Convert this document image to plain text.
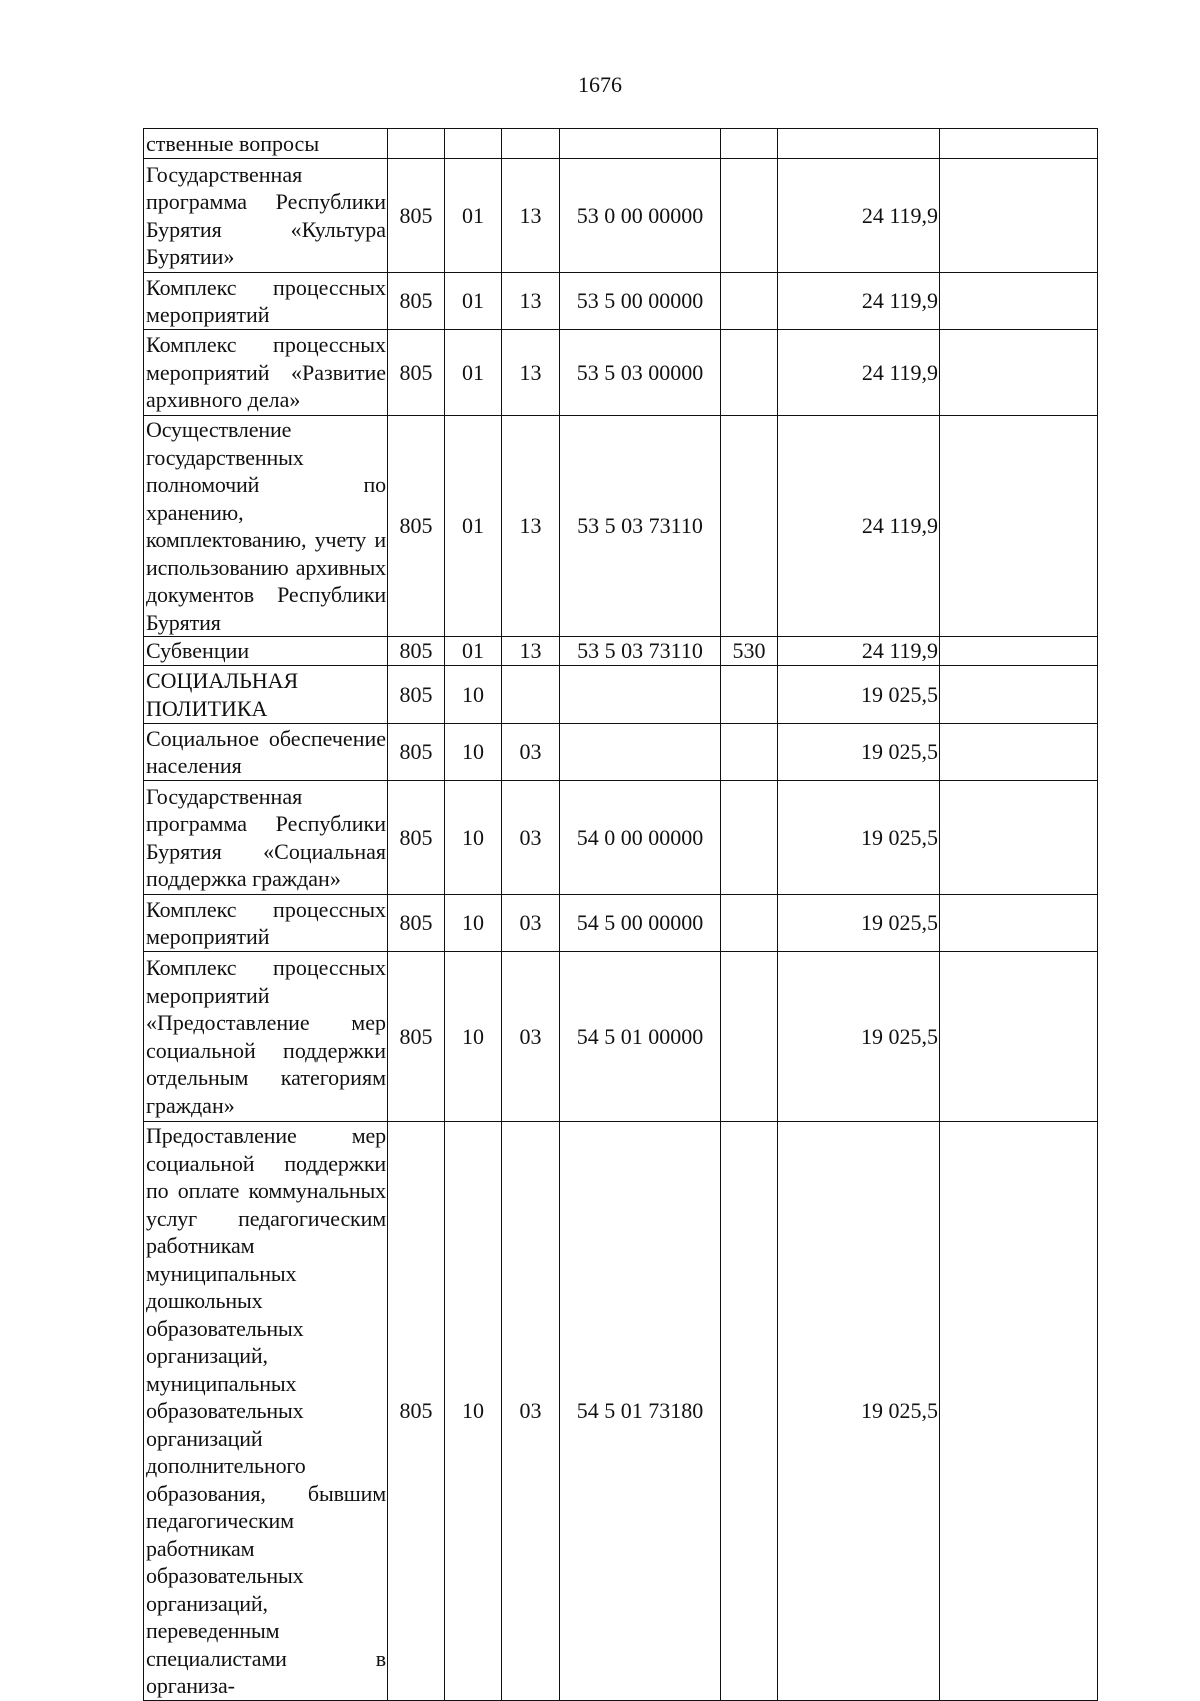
1676
ственные вопросы							
Государственная программа Республики Бурятия «Культура Бурятии»	805	01	13	53 0 00 00000		24 119,9	
Комплекс процессных мероприятий	805	01	13	53 5 00 00000		24 119,9	
Комплекс процессных мероприятий «Развитие архивного дела»	805	01	13	53 5 03 00000		24 119,9	
Осуществление государственных полномочий по хранению, комплектованию, учету и использованию архивных документов Республики Бурятия	805	01	13	53 5 03 73110		24 119,9	
Субвенции	805	01	13	53 5 03 73110	530	24 119,9	
СОЦИАЛЬНАЯ ПОЛИТИКА	805	10				19 025,5	
Социальное обеспечение населения	805	10	03			19 025,5	
Государственная программа Республики Бурятия «Социальная поддержка граждан»	805	10	03	54 0 00 00000		19 025,5	
Комплекс процессных мероприятий	805	10	03	54 5 00 00000		19 025,5	
Комплекс процессных мероприятий «Предоставление мер социальной поддержки отдельным категориям граждан»	805	10	03	54 5 01 00000		19 025,5	
Предоставление мер социальной поддержки по оплате коммунальных услуг педагогическим работникам муниципальных дошкольных образовательных организаций, муниципальных образовательных организаций дополнительного образования, бывшим педагогическим работникам образовательных организаций, переведенным специалистами в организа-	805	10	03	54 5 01 73180		19 025,5	
